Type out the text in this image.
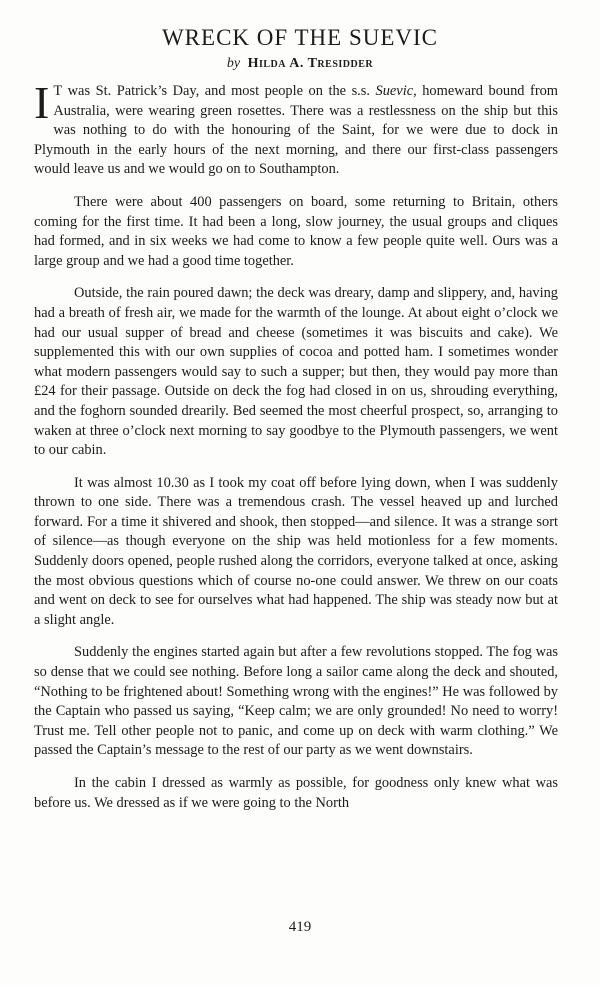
WRECK OF THE SUEVIC
by Hilda A. Tresidder

I T was St. Patrick’s Day, and most people on the s.s. Suevic, homeward bound from Australia, were wearing green rosettes. There was a restlessness on the ship but this was nothing to do with the honouring of the Saint, for we were due to dock in Plymouth in the early hours of the next morning, and there our first-class passengers would leave us and we would go on to Southampton.

There were about 400 passengers on board, some returning to Britain, others coming for the first time. It had been a long, slow journey, the usual groups and cliques had formed, and in six weeks we had come to know a few people quite well. Ours was a large group and we had a good time together.

Outside, the rain poured dawn; the deck was dreary, damp and slippery, and, having had a breath of fresh air, we made for the warmth of the lounge. At about eight o’clock we had our usual supper of bread and cheese (sometimes it was biscuits and cake). We supplemented this with our own supplies of cocoa and potted ham. I sometimes wonder what modern passengers would say to such a supper; but then, they would pay more than £24 for their passage. Outside on deck the fog had closed in on us, shrouding everything, and the foghorn sounded drearily. Bed seemed the most cheerful prospect, so, arranging to waken at three o’clock next morning to say goodbye to the Plymouth passengers, we went to our cabin.

It was almost 10.30 as I took my coat off before lying down, when I was suddenly thrown to one side. There was a tremendous crash. The vessel heaved up and lurched forward. For a time it shivered and shook, then stopped—and silence. It was a strange sort of silence—as though everyone on the ship was held motionless for a few moments. Suddenly doors opened, people rushed along the corridors, everyone talked at once, asking the most obvious questions which of course no-one could answer. We threw on our coats and went on deck to see for ourselves what had happened. The ship was steady now but at a slight angle.

Suddenly the engines started again but after a few revolutions stopped. The fog was so dense that we could see nothing. Before long a sailor came along the deck and shouted, “Nothing to be frightened about! Something wrong with the engines!” He was followed by the Captain who passed us saying, “Keep calm; we are only grounded! No need to worry! Trust me. Tell other people not to panic, and come up on deck with warm clothing.” We passed the Captain’s message to the rest of our party as we went downstairs.

In the cabin I dressed as warmly as possible, for goodness only knew what was before us. We dressed as if we were going to the North

419
